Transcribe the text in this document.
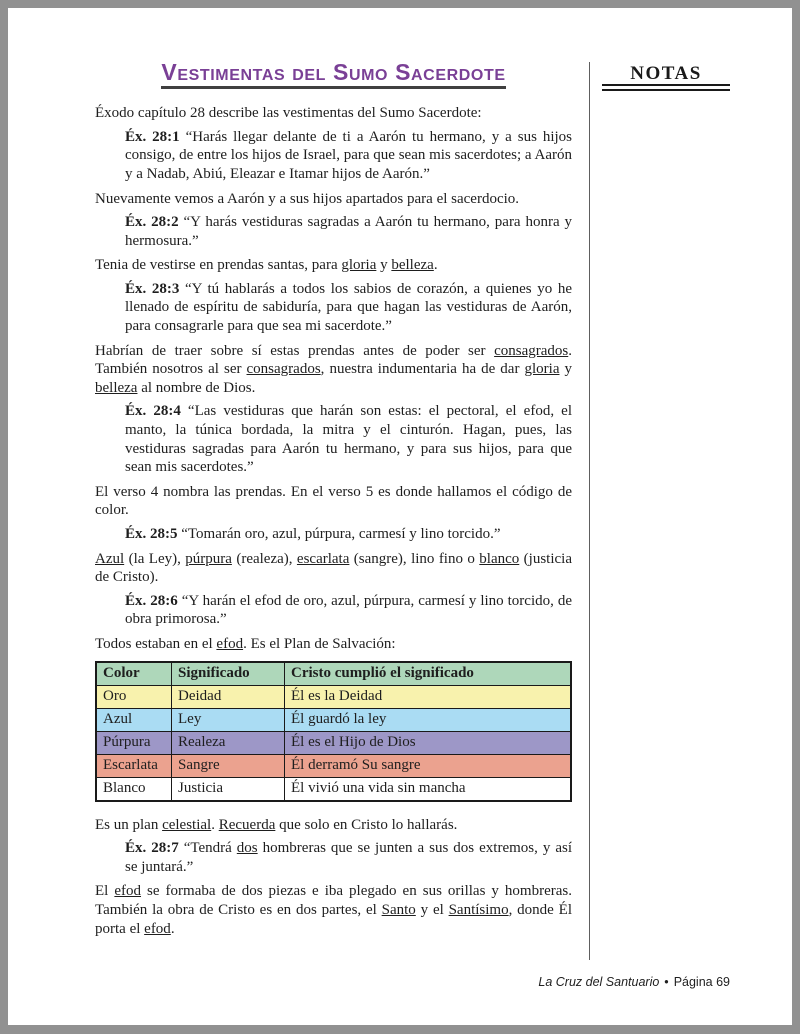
Vestimentas del Sumo Sacerdote

Éxodo capítulo 28 describe las vestimentas del Sumo Sacerdote:

Éx. 28:1 “Harás llegar delante de ti a Aarón tu hermano, y a sus hijos consigo, de entre los hijos de Israel, para que sean mis sacerdotes; a Aarón y a Nadab, Abiú, Eleazar e Itamar hijos de Aarón.”

Nuevamente vemos a Aarón y a sus hijos apartados para el sacerdocio.

Éx. 28:2 “Y harás vestiduras sagradas a Aarón tu hermano, para honra y hermosura.”

Tenia de vestirse en prendas santas, para gloria y belleza.

Éx. 28:3 “Y tú hablarás a todos los sabios de corazón, a quienes yo he llenado de espíritu de sabiduría, para que hagan las vestiduras de Aarón, para consagrarle para que sea mi sacerdote.”

Habrían de traer sobre sí estas prendas antes de poder ser consagrados. También nosotros al ser consagrados, nuestra indumentaria ha de dar gloria y belleza al nombre de Dios.

Éx. 28:4 “Las vestiduras que harán son estas: el pectoral, el efod, el manto, la túnica bordada, la mitra y el cinturón. Hagan, pues, las vestiduras sagradas para Aarón tu hermano, y para sus hijos, para que sean mis sacerdotes.”

El verso 4 nombra las prendas. En el verso 5 es donde hallamos el código de color.

Éx. 28:5 “Tomarán oro, azul, púrpura, carmesí y lino torcido.”

Azul (la Ley), púrpura (realeza), escarlata (sangre), lino fino o blanco (justicia de Cristo).

Éx. 28:6 “Y harán el efod de oro, azul, púrpura, carmesí y lino torcido, de obra primorosa.”

Todos estaban en el efod. Es el Plan de Salvación:

Color	Significado	Cristo cumplió el significado
Oro	Deidad	Él es la Deidad
Azul	Ley	Él guardó la ley
Púrpura	Realeza	Él es el Hijo de Dios
Escarlata	Sangre	Él derramó Su sangre
Blanco	Justicia	Él vivió una vida sin mancha

Es un plan celestial. Recuerda que solo en Cristo lo hallarás.

Éx. 28:7 “Tendrá dos hombreras que se junten a sus dos extremos, y así se juntará.”

El efod se formaba de dos piezas e iba plegado en sus orillas y hombreras. También la obra de Cristo es en dos partes, el Santo y el Santísimo, donde Él porta el efod.

NOTAS
La Cruz del Santuario • Página 69
